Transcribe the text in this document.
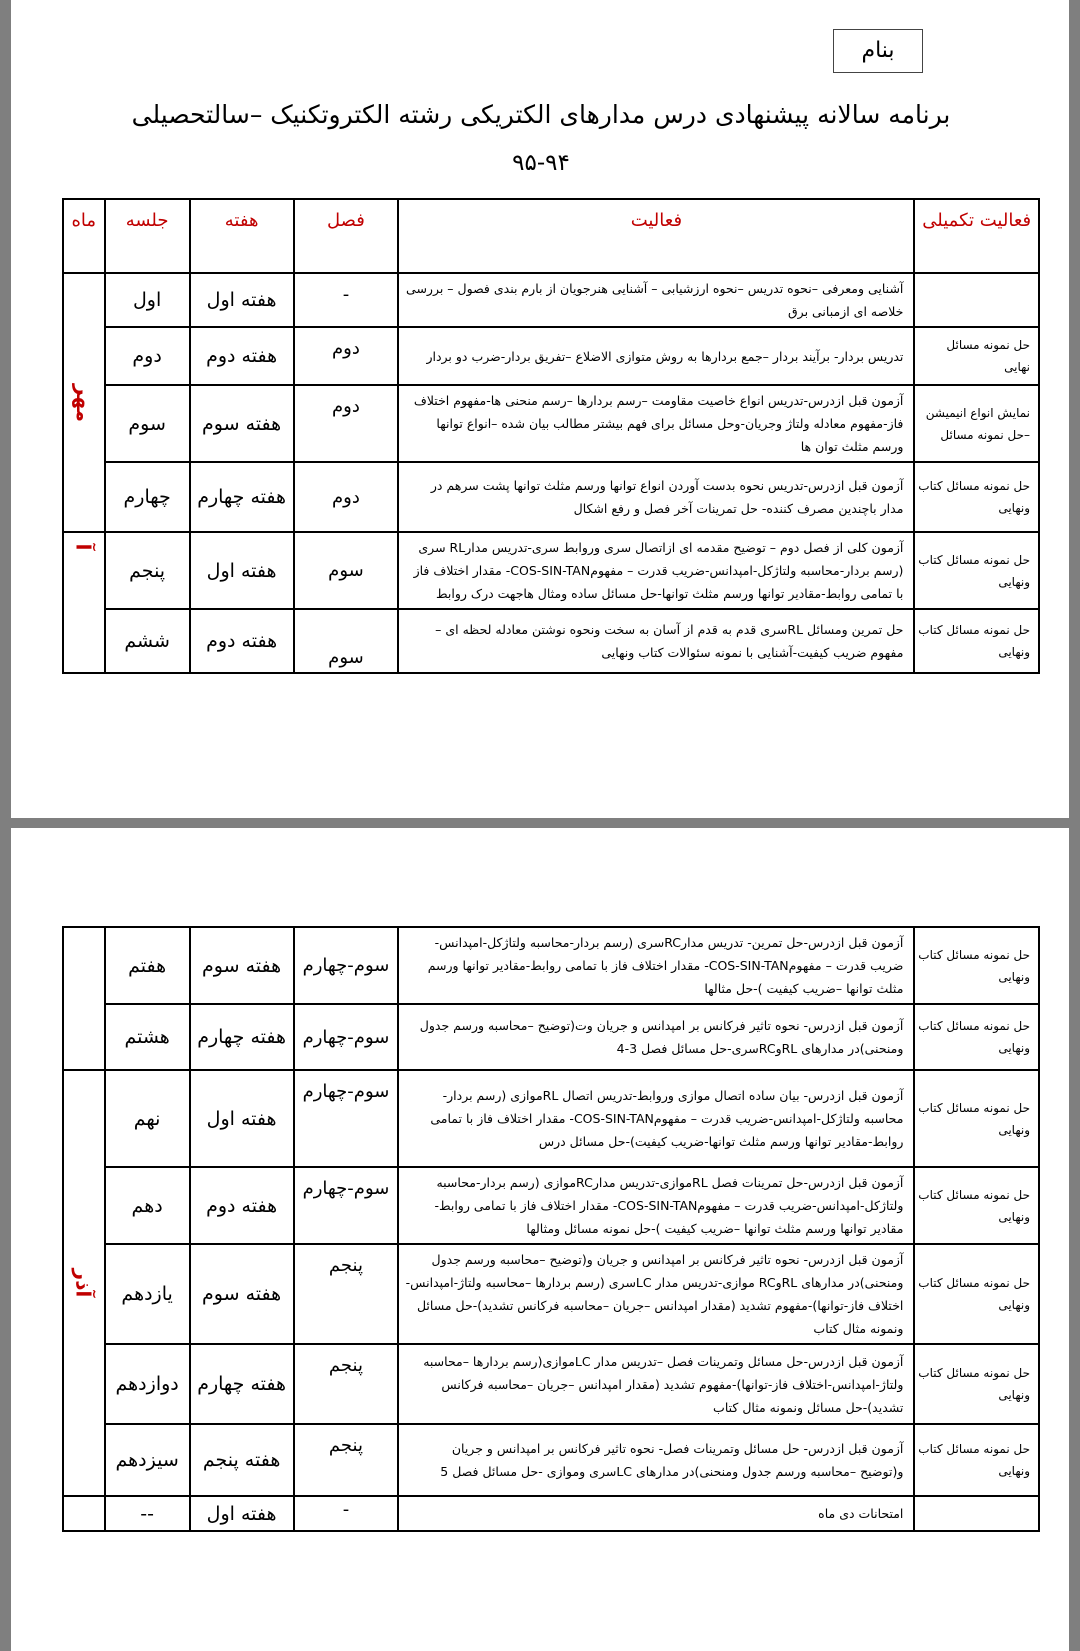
بنام
برنامه سالانه پیشنهادی درس مدارهای الکتریکی رشته الکتروتکنیک –سالتحصیلی
۹۵-۹۴
فعالیت تکمیلی	فعالیت	فصل	هفته	جلسه	ماه
	آشنایی ومعرفی –نحوه تدریس –نحوه ارزشیابی – آشنایی هنرجویان از بارم بندی فصول – بررسی خلاصه ای ازمبانی برق	-	هفته اول	اول	مهر
حل نمونه مسائل نهایی	تدریس بردار- برآیند بردار –جمع بردارها به روش متوازی الاضلاع –تفریق بردار-ضرب دو بردار	دوم	هفته دوم	دوم	
نمایش انواع انیمیشن –حل نمونه مسائل	آزمون قبل ازدرس-تدریس انواع خاصیت مقاومت –رسم بردارها –رسم منحنی ها-مفهوم اختلاف فاز-مفهوم معادله ولتاژ وجریان-وحل مسائل برای فهم بیشتر مطالب بیان شده –انواع توانها ورسم مثلث توان ها	دوم	هفته سوم	سوم	
حل نمونه مسائل کتاب ونهایی	آزمون قبل ازدرس-تدریس نحوه بدست آوردن انواع توانها ورسم مثلث توانها پشت سرهم در مدار باچندین مصرف کننده- حل تمرینات آخر فصل و رفع اشکال	دوم	هفته چهارم	چهارم	
حل نمونه مسائل کتاب ونهایی	آزمون کلی از فصل دوم – توضیح مقدمه ای ازاتصال سری وروابط سری-تدریس مدارRL سری (رسم بردار-محاسبه ولتاژکل-امپدانس-ضریب قدرت – مفهومCOS-SIN-TAN- مقدار اختلاف فاز با تمامی روابط-مقادیر توانها ورسم مثلث توانها-حل مسائل ساده ومثال هاجهت درک روابط	سوم	هفته اول	پنجم	آ
حل نمونه مسائل کتاب ونهایی	حل تمرین ومسائل RLسری قدم به قدم از آسان به سخت ونحوه نوشتن معادله لحظه ای – مفهوم ضریب کیفیت-آشنایی با نمونه سئوالات کتاب ونهایی	سوم	هفته دوم	ششم	
حل نمونه مسائل کتاب ونهایی	آزمون قبل ازدرس-حل تمرین- تدریس مدارRCسری (رسم بردار-محاسبه ولتاژکل-امپدانس-ضریب قدرت – مفهومCOS-SIN-TAN- مقدار اختلاف فاز با تمامی روابط-مقادیر توانها ورسم مثلث توانها –ضریب کیفیت )-حل مثالها	سوم-چهارم	هفته سوم	هفتم	
حل نمونه مسائل کتاب ونهایی	آزمون قبل ازدرس- نحوه تاثیر فرکانس بر امپدانس و جریان وت(توضیح –محاسبه ورسم جدول ومنحنی)در مدارهای RLوRCسری-حل مسائل فصل 3-4	سوم-چهارم	هفته چهارم	هشتم	
حل نمونه مسائل کتاب ونهایی	آزمون قبل ازدرس- بیان ساده اتصال موازی وروابط-تدریس اتصال RLموازی (رسم بردار-محاسبه ولتاژکل-امپدانس-ضریب قدرت – مفهومCOS-SIN-TAN- مقدار اختلاف فاز با تمامی روابط-مقادیر توانها ورسم مثلث توانها-ضریب کیفیت)-حل مسائل درس	سوم-چهارم	هفته اول	نهم	آذر
حل نمونه مسائل کتاب ونهایی	آزمون قبل ازدرس-حل تمرینات فصل RLموازی-تدریس مدارRCموازی (رسم بردار-محاسبه ولتاژکل-امپدانس-ضریب قدرت – مفهومCOS-SIN-TAN- مقدار اختلاف فاز با تمامی روابط-مقادیر توانها ورسم مثلث توانها –ضریب کیفیت )-حل نمونه مسائل ومثالها	سوم-چهارم	هفته دوم	دهم	
حل نمونه مسائل کتاب ونهایی	آزمون قبل ازدرس- نحوه تاثیر فرکانس بر امپدانس و جریان و(توضیح –محاسبه ورسم جدول ومنحنی)در مدارهای RLوRC موازی-تدریس مدار LCسری (رسم بردارها –محاسبه ولتاژ-امپدانس-اختلاف فاز-توانها)-مفهوم تشدید (مقدار امپدانس –جریان –محاسبه فرکانس تشدید)-حل مسائل ونمونه مثال کتاب	پنجم	هفته سوم	یازدهم	
حل نمونه مسائل کتاب ونهایی	آزمون قبل ازدرس-حل مسائل وتمرینات فصل –تدریس مدار LCموازی(رسم بردارها –محاسبه ولتاژ-امپدانس-اختلاف فاز-توانها)-مفهوم تشدید (مقدار امپدانس –جریان –محاسبه فرکانس تشدید)-حل مسائل ونمونه مثال کتاب	پنجم	هفته چهارم	دوازدهم	
حل نمونه مسائل کتاب ونهایی	آزمون قبل ازدرس- حل مسائل وتمرینات فصل- نحوه تاثیر فرکانس بر امپدانس و جریان و(توضیح –محاسبه ورسم جدول ومنحنی)در مدارهای LCسری وموازی -حل مسائل فصل 5	پنجم	هفته پنجم	سیزدهم	
	امتحانات دی ماه	-	هفته اول	--	
